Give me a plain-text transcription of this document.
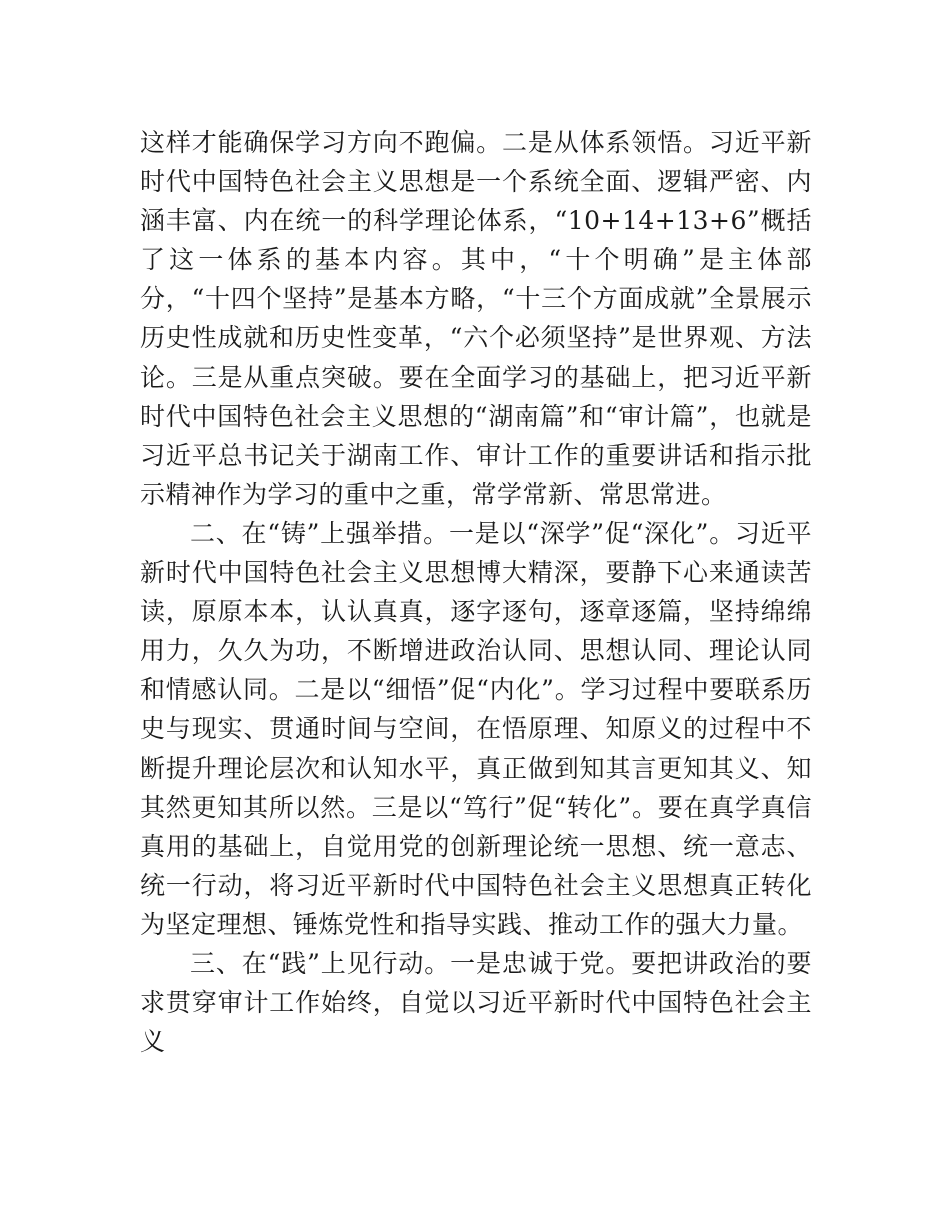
这样才能确保学习方向不跑偏。二是从体系领悟。习近平新时代中国特色社会主义思想是一个系统全面、逻辑严密、内涵丰富、内在统一的科学理论体系，“10+14+13+6”概括了这一体系的基本内容。其中，“十个明确”是主体部分，“十四个坚持”是基本方略，“十三个方面成就”全景展示历史性成就和历史性变革，“六个必须坚持”是世界观、方法论。三是从重点突破。要在全面学习的基础上，把习近平新时代中国特色社会主义思想的“湖南篇”和“审计篇”，也就是习近平总书记关于湖南工作、审计工作的重要讲话和指示批示精神作为学习的重中之重，常学常新、常思常进。

二、在“铸”上强举措。一是以“深学”促“深化”。习近平新时代中国特色社会主义思想博大精深，要静下心来通读苦读，原原本本，认认真真，逐字逐句，逐章逐篇，坚持绵绵用力，久久为功，不断增进政治认同、思想认同、理论认同和情感认同。二是以“细悟”促“内化”。学习过程中要联系历史与现实、贯通时间与空间，在悟原理、知原义的过程中不断提升理论层次和认知水平，真正做到知其言更知其义、知其然更知其所以然。三是以“笃行”促“转化”。要在真学真信真用的基础上，自觉用党的创新理论统一思想、统一意志、统一行动，将习近平新时代中国特色社会主义思想真正转化为坚定理想、锤炼党性和指导实践、推动工作的强大力量。

三、在“践”上见行动。一是忠诚于党。要把讲政治的要求贯穿审计工作始终，自觉以习近平新时代中国特色社会主义
